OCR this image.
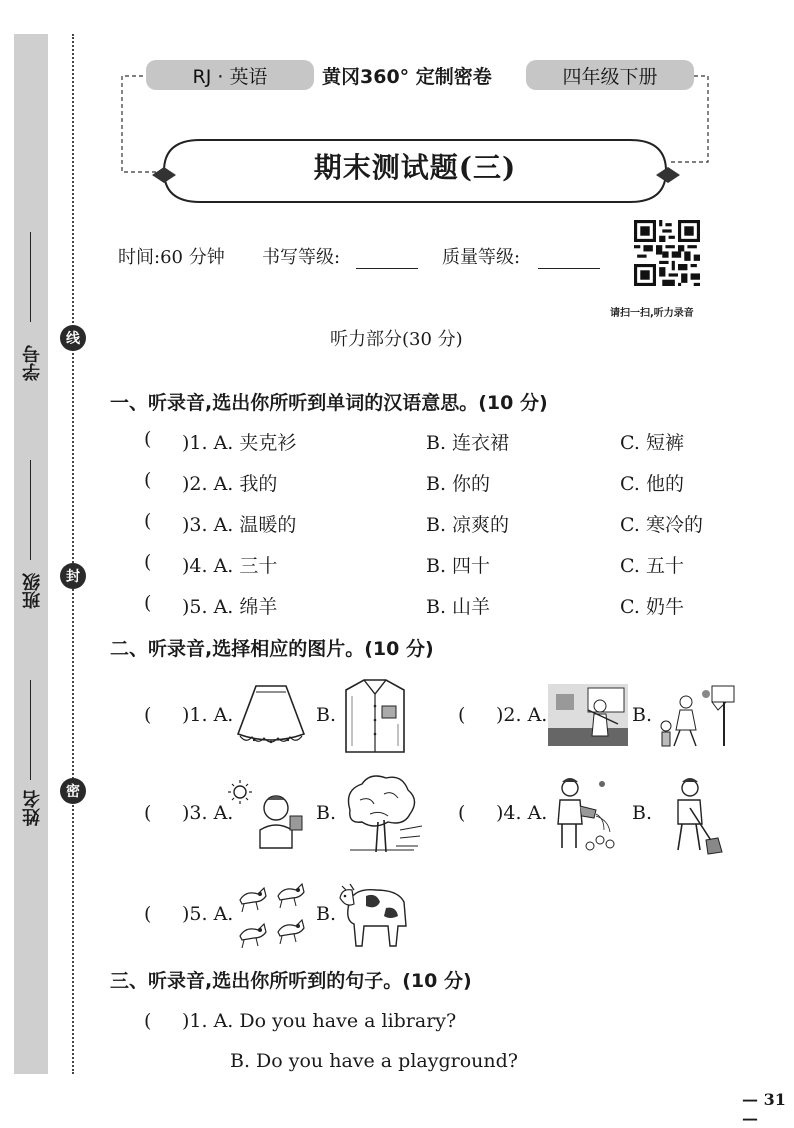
线
封
密
学号
班级
姓名
RJ · 英语	黄冈360° 定制密卷	四年级下册
期末测试题(三)
时间:60 分钟 书写等级:	质量等级:
请扫一扫,听力录音
听力部分(30 分)
一、听录音,选出你所听到单词的汉语意思。(10 分)
( )1. A. 夹克衫	B. 连衣裙	C. 短裤
( )2. A. 我的	B. 你的	C. 他的
( )3. A. 温暖的	B. 凉爽的	C. 寒冷的
( )4. A. 三十	B. 四十	C. 五十
( )5. A. 绵羊	B. 山羊	C. 奶牛
二、听录音,选择相应的图片。(10 分)
( )1. A.	B.	( )2. A.	B.
( )3. A.	B.	( )4. A.	B.
( )5. A.	B.
三、听录音,选出你所听到的句子。(10 分)
( )1. A. Do you have a library?
B. Do you have a playground?
— 31 —
